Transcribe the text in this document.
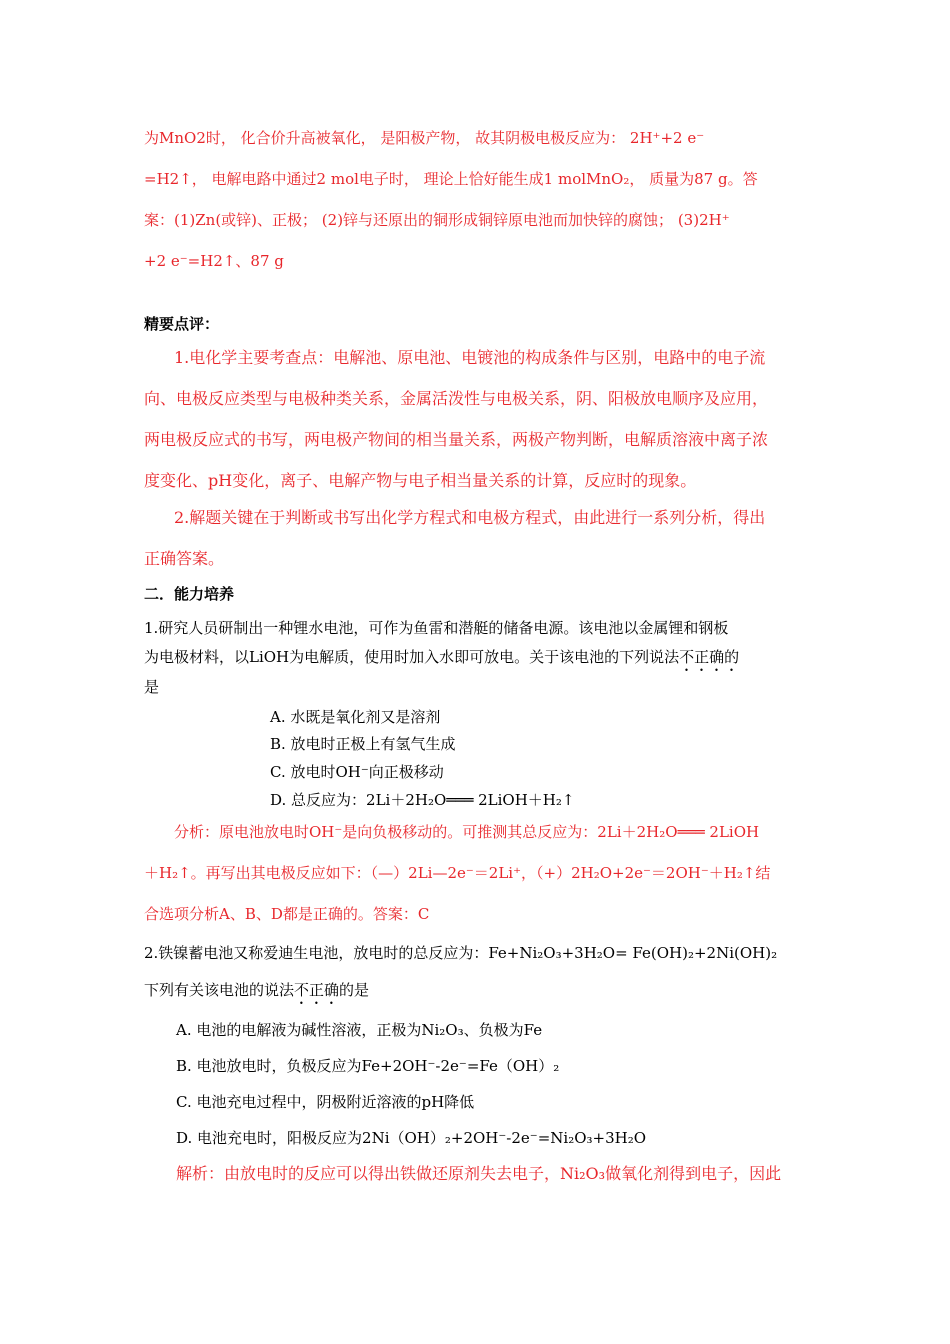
为MnO2时， 化合价升高被氧化， 是阳极产物， 故其阴极电极反应为： 2H⁺+2 e⁻
=H2↑， 电解电路中通过2 mol电子时， 理论上恰好能生成1 molMnO₂， 质量为87 g。答
案：(1)Zn(或锌)、正极； (2)锌与还原出的铜形成铜锌原电池而加快锌的腐蚀； (3)2H⁺
+2 e⁻=H2↑、87 g
精要点评：
1.电化学主要考查点：电解池、原电池、电镀池的构成条件与区别，电路中的电子流
向、电极反应类型与电极种类关系，金属活泼性与电极关系，阴、阳极放电顺序及应用，
两电极反应式的书写，两电极产物间的相当量关系，两极产物判断，电解质溶液中离子浓
度变化、pH变化，离子、电解产物与电子相当量关系的计算，反应时的现象。
2.解题关键在于判断或书写出化学方程式和电极方程式，由此进行一系列分析，得出
正确答案。
二．能力培养
1.研究人员研制出一种锂水电池，可作为鱼雷和潜艇的储备电源。该电池以金属锂和钢板
为电极材料，以LiOH为电解质，使用时加入水即可放电。关于该电池的下列说法不正确的
是
A. 水既是氧化剂又是溶剂
B. 放电时正极上有氢气生成
C. 放电时OH⁻向正极移动
D. 总反应为：2Li＋2H₂O═══ 2LiOH＋H₂↑
分析：原电池放电时OH⁻是向负极移动的。可推测其总反应为：2Li＋2H₂O═══ 2LiOH
＋H₂↑。再写出其电极反应如下：（—）2Li—2e⁻＝2Li⁺，（+）2H₂O+2e⁻＝2OH⁻＋H₂↑结
合选项分析A、B、D都是正确的。答案：C
2.铁镍蓄电池又称爱迪生电池，放电时的总反应为：Fe+Ni₂O₃+3H₂O= Fe(OH)₂+2Ni(OH)₂
下列有关该电池的说法不正确的是
A. 电池的电解液为碱性溶液，正极为Ni₂O₃、负极为Fe
B. 电池放电时，负极反应为Fe+2OH⁻-2e⁻=Fe（OH）₂
C. 电池充电过程中，阴极附近溶液的pH降低
D. 电池充电时，阳极反应为2Ni（OH）₂+2OH⁻-2e⁻=Ni₂O₃+3H₂O
解析：由放电时的反应可以得出铁做还原剂失去电子，Ni₂O₃做氧化剂得到电子，因此
